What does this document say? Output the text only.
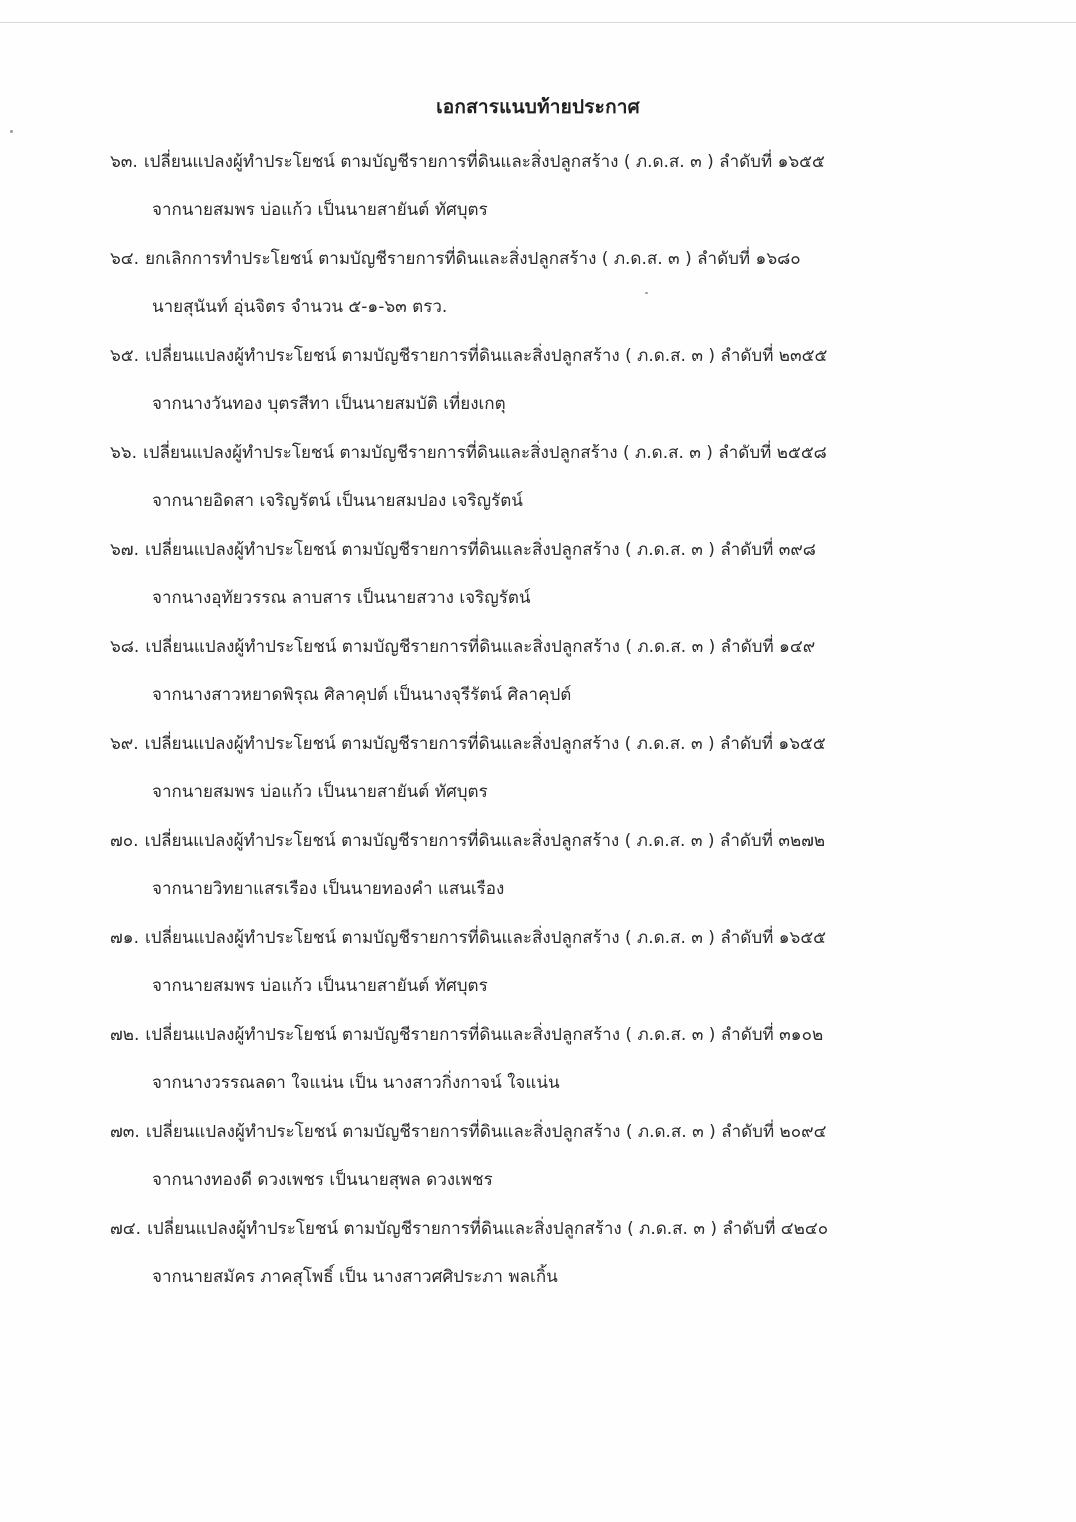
เอกสารแนบท้ายประกาศ
๖๓. เปลี่ยนแปลงผู้ทำประโยชน์ ตามบัญชีรายการที่ดินและสิ่งปลูกสร้าง ( ภ.ด.ส. ๓ ) ลำดับที่ ๑๖๕๕
จากนายสมพร บ่อแก้ว เป็นนายสายันต์ ทัศบุตร
๖๔. ยกเลิกการทำประโยชน์ ตามบัญชีรายการที่ดินและสิ่งปลูกสร้าง ( ภ.ด.ส. ๓ ) ลำดับที่ ๑๖๘๐
นายสุนันท์ อุ่นจิตร จำนวน ๕-๑-๖๓ ตรว.
๖๕. เปลี่ยนแปลงผู้ทำประโยชน์ ตามบัญชีรายการที่ดินและสิ่งปลูกสร้าง ( ภ.ด.ส. ๓ ) ลำดับที่ ๒๓๕๕
จากนางวันทอง บุตรสีทา เป็นนายสมบัติ เที่ยงเกตุ
๖๖. เปลี่ยนแปลงผู้ทำประโยชน์ ตามบัญชีรายการที่ดินและสิ่งปลูกสร้าง ( ภ.ด.ส. ๓ ) ลำดับที่ ๒๕๕๘
จากนายอิดสา เจริญรัตน์ เป็นนายสมปอง เจริญรัตน์
๖๗. เปลี่ยนแปลงผู้ทำประโยชน์ ตามบัญชีรายการที่ดินและสิ่งปลูกสร้าง ( ภ.ด.ส. ๓ ) ลำดับที่ ๓๙๘
จากนางอุทัยวรรณ ลาบสาร เป็นนายสวาง เจริญรัตน์
๖๘. เปลี่ยนแปลงผู้ทำประโยชน์ ตามบัญชีรายการที่ดินและสิ่งปลูกสร้าง ( ภ.ด.ส. ๓ ) ลำดับที่ ๑๔๙
จากนางสาวหยาดพิรุณ ศิลาคุปต์ เป็นนางจุรีรัตน์ ศิลาคุปต์
๖๙. เปลี่ยนแปลงผู้ทำประโยชน์ ตามบัญชีรายการที่ดินและสิ่งปลูกสร้าง ( ภ.ด.ส. ๓ ) ลำดับที่ ๑๖๕๕
จากนายสมพร บ่อแก้ว เป็นนายสายันต์ ทัศบุตร
๗๐. เปลี่ยนแปลงผู้ทำประโยชน์ ตามบัญชีรายการที่ดินและสิ่งปลูกสร้าง ( ภ.ด.ส. ๓ ) ลำดับที่ ๓๒๗๒
จากนายวิทยาแสรเรือง เป็นนายทองคำ แสนเรือง
๗๑. เปลี่ยนแปลงผู้ทำประโยชน์ ตามบัญชีรายการที่ดินและสิ่งปลูกสร้าง ( ภ.ด.ส. ๓ ) ลำดับที่ ๑๖๕๕
จากนายสมพร บ่อแก้ว เป็นนายสายันต์ ทัศบุตร
๗๒. เปลี่ยนแปลงผู้ทำประโยชน์ ตามบัญชีรายการที่ดินและสิ่งปลูกสร้าง ( ภ.ด.ส. ๓ ) ลำดับที่ ๓๑๐๒
จากนางวรรณลดา ใจแน่น เป็น นางสาวกิ่งกาจน์ ใจแน่น
๗๓. เปลี่ยนแปลงผู้ทำประโยชน์ ตามบัญชีรายการที่ดินและสิ่งปลูกสร้าง ( ภ.ด.ส. ๓ ) ลำดับที่ ๒๐๙๔
จากนางทองดี ดวงเพชร เป็นนายสุพล ดวงเพชร
๗๔. เปลี่ยนแปลงผู้ทำประโยชน์ ตามบัญชีรายการที่ดินและสิ่งปลูกสร้าง ( ภ.ด.ส. ๓ ) ลำดับที่ ๔๒๔๐
จากนายสมัคร ภาคสุโพธิ์ เป็น นางสาวศศิประภา พลเกิ้น
